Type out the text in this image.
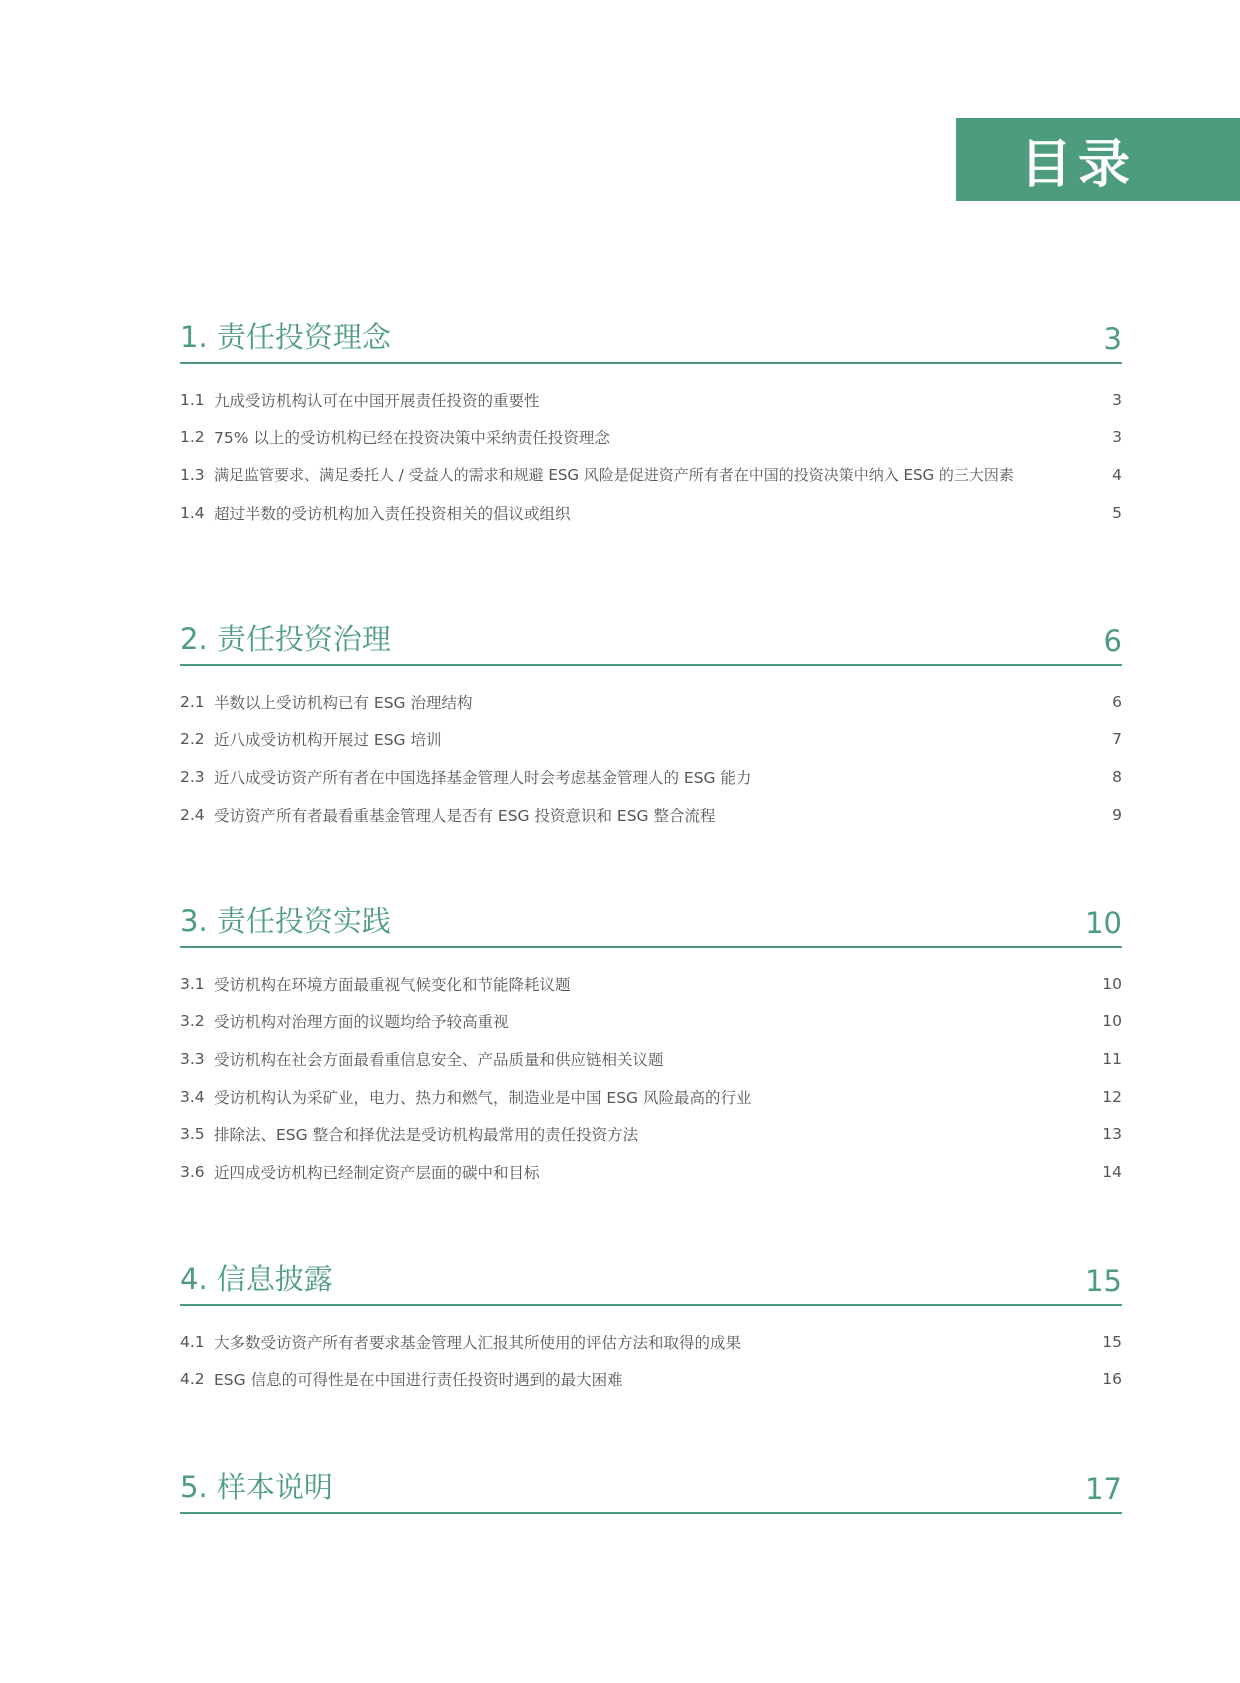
目录
1. 责任投资理念	3
1.1 九成受访机构认可在中国开展责任投资的重要性	3
1.2 75% 以上的受访机构已经在投资决策中采纳责任投资理念	3
1.3 满足监管要求、满足委托人 / 受益人的需求和规避 ESG 风险是促进资产所有者在中国的投资决策中纳入 ESG 的三大因素	4
1.4 超过半数的受访机构加入责任投资相关的倡议或组织	5
2. 责任投资治理	6
2.1 半数以上受访机构已有 ESG 治理结构	6
2.2 近八成受访机构开展过 ESG 培训	7
2.3 近八成受访资产所有者在中国选择基金管理人时会考虑基金管理人的 ESG 能力	8
2.4 受访资产所有者最看重基金管理人是否有 ESG 投资意识和 ESG 整合流程	9
3. 责任投资实践	10
3.1 受访机构在环境方面最重视气候变化和节能降耗议题	10
3.2 受访机构对治理方面的议题均给予较高重视	10
3.3 受访机构在社会方面最看重信息安全、产品质量和供应链相关议题	11
3.4 受访机构认为采矿业，电力、热力和燃气，制造业是中国 ESG 风险最高的行业	12
3.5 排除法、ESG 整合和择优法是受访机构最常用的责任投资方法	13
3.6 近四成受访机构已经制定资产层面的碳中和目标	14
4. 信息披露	15
4.1 大多数受访资产所有者要求基金管理人汇报其所使用的评估方法和取得的成果	15
4.2 ESG 信息的可得性是在中国进行责任投资时遇到的最大困难	16
5. 样本说明	17
